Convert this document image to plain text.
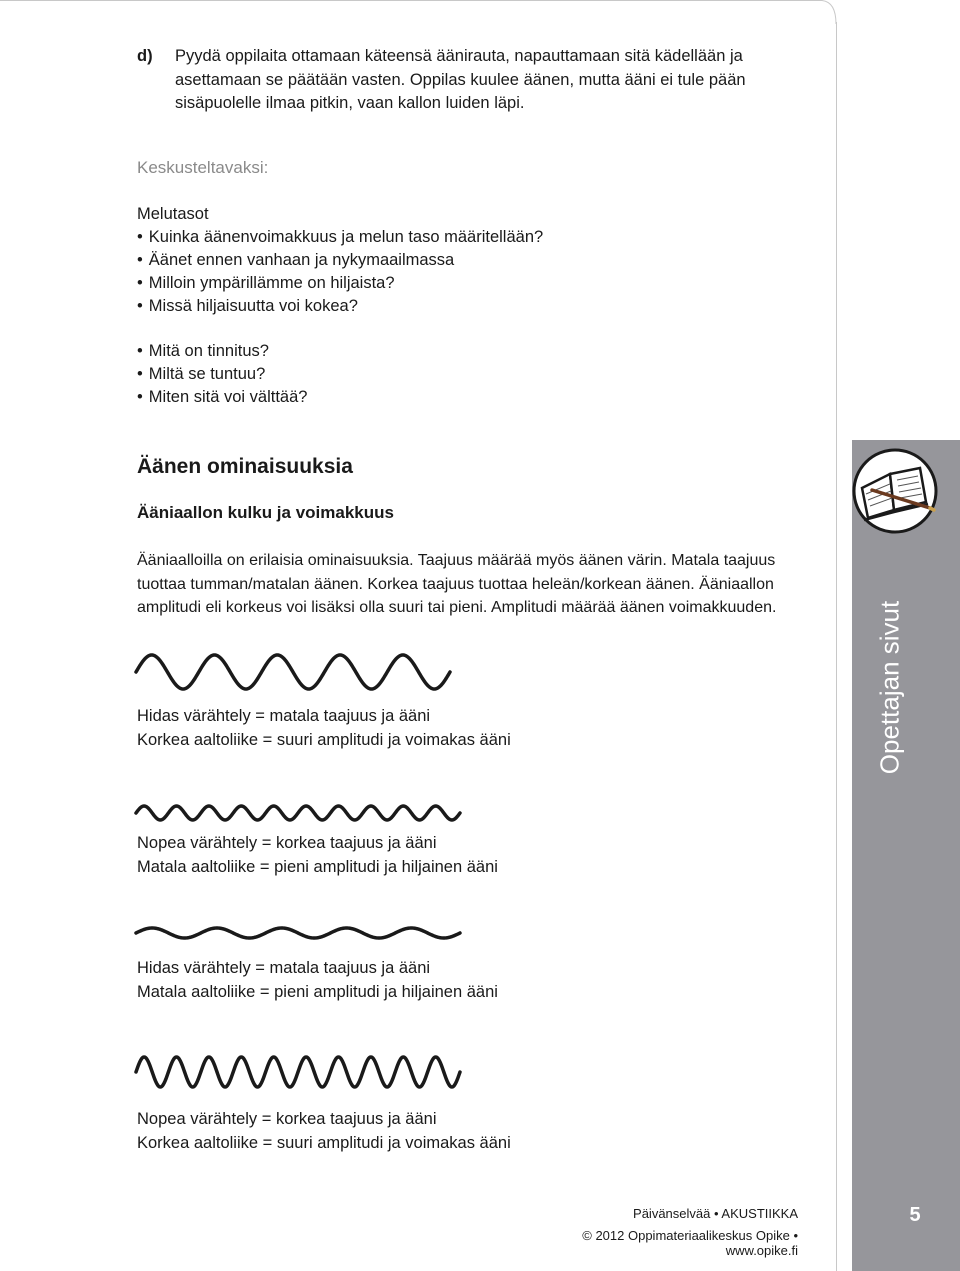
d)	Pyydä oppilaita ottamaan käteensä äänirauta, napauttamaan sitä kädellään ja asettamaan se päätään vasten. Oppilas kuulee äänen, mutta ääni ei tule pään sisäpuolelle ilmaa pitkin, vaan kallon luiden läpi.
Keskusteltavaksi:
Melutasot
• Kuinka äänenvoimakkuus ja melun taso määritellään?
• Äänet ennen vanhaan ja nykymaailmassa
• Milloin ympärillämme on hiljaista?
• Missä hiljaisuutta voi kokea?
• Mitä on tinnitus?
• Miltä se tuntuu?
• Miten sitä voi välttää?
Äänen ominaisuuksia
Ääniaallon kulku ja voimakkuus
Ääniaalloilla on erilaisia ominaisuuksia. Taajuus määrää myös äänen värin. Matala taajuus tuottaa tumman/matalan äänen. Korkea taajuus tuottaa heleän/korkean äänen. Ääniaallon amplitudi eli korkeus voi lisäksi olla suuri tai pieni. Amplitudi määrää äänen voimakkuuden.
Hidas värähtely = matala taajuus ja ääni
Korkea aaltoliike = suuri amplitudi ja voimakas ääni
Nopea värähtely = korkea taajuus ja ääni
Matala aaltoliike = pieni amplitudi ja hiljainen ääni
Hidas värähtely = matala taajuus ja ääni
Matala aaltoliike = pieni amplitudi ja hiljainen ääni
Nopea värähtely = korkea taajuus ja ääni
Korkea aaltoliike = suuri amplitudi ja voimakas ääni
Opettajan sivut
Päivänselvää • AKUSTIIKKA
© 2012 Oppimateriaalikeskus Opike • www.opike.fi
5
